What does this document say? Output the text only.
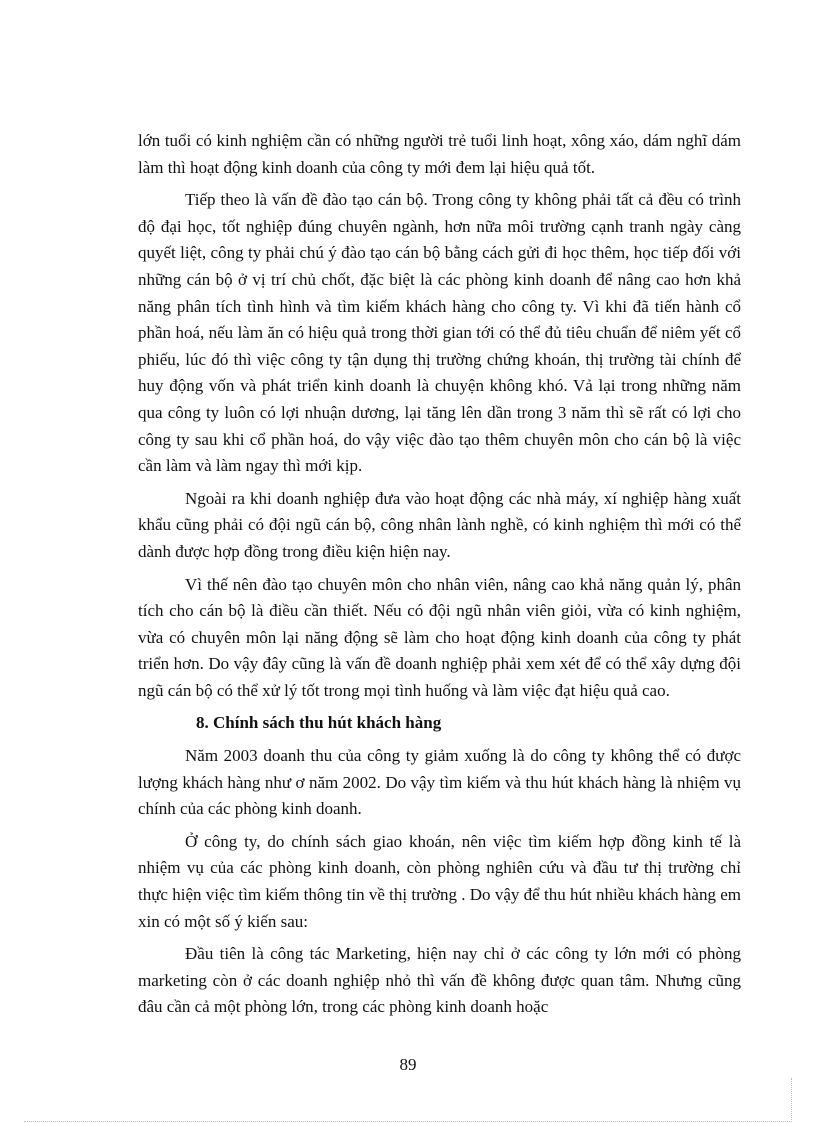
lớn tuổi có kinh nghiệm cần có những người trẻ tuổi linh hoạt, xông xáo, dám nghĩ dám làm thì hoạt động kinh doanh của công ty mới đem lại hiệu quả tốt.

Tiếp theo là vấn đề đào tạo cán bộ. Trong công ty không phải tất cả đều có trình độ đại học, tốt nghiệp đúng chuyên ngành, hơn nữa môi trường cạnh tranh ngày càng quyết liệt, công ty phải chú ý đào tạo cán bộ bằng cách gửi đi học thêm, học tiếp đối với những cán bộ ở vị trí chủ chốt, đặc biệt là các phòng kinh doanh để nâng cao hơn khả năng phân tích tình hình và tìm kiếm khách hàng cho công ty. Vì khi đã tiến hành cổ phần hoá, nếu làm ăn có hiệu quả trong thời gian tới có thể đủ tiêu chuẩn để niêm yết cổ phiếu, lúc đó thì việc công ty tận dụng thị trường chứng khoán, thị trường tài chính để huy động vốn và phát triển kinh doanh là chuyện không khó. Vả lại trong những năm qua công ty luôn có lợi nhuận dương, lại tăng lên dần trong 3 năm thì sẽ rất có lợi cho công ty sau khi cổ phần hoá, do vậy việc đào tạo thêm chuyên môn cho cán bộ là việc cần làm và làm ngay thì mới kịp.

Ngoài ra khi doanh nghiệp đưa vào hoạt động các nhà máy, xí nghiệp hàng xuất khẩu cũng phải có đội ngũ cán bộ, công nhân lành nghề, có kinh nghiệm thì mới có thể dành được hợp đồng trong điều kiện hiện nay.

Vì thế nên đào tạo chuyên môn cho nhân viên, nâng cao khả năng quản lý, phân tích cho cán bộ là điều cần thiết. Nếu có đội ngũ nhân viên giỏi, vừa có kinh nghiệm, vừa có chuyên môn lại năng động sẽ làm cho hoạt động kinh doanh của công ty phát triển hơn. Do vậy đây cũng là vấn đề doanh nghiệp phải xem xét để có thể xây dựng đội ngũ cán bộ có thể xử lý tốt trong mọi tình huống và làm việc đạt hiệu quả cao.

8. Chính sách thu hút khách hàng

Năm 2003 doanh thu của công ty giảm xuống là do công ty không thể có được lượng khách hàng như ơ năm 2002. Do vậy tìm kiếm và thu hút khách hàng là nhiệm vụ chính của các phòng kinh doanh.

Ở công ty, do chính sách giao khoán, nên việc tìm kiếm hợp đồng kinh tế là nhiệm vụ của các phòng kinh doanh, còn phòng nghiên cứu và đầu tư thị trường chỉ thực hiện việc tìm kiếm thông tin về thị trường . Do vậy để thu hút nhiều khách hàng em xin có một số ý kiến sau:

Đầu tiên là công tác Marketing, hiện nay chỉ ở các công ty lớn mới có phòng marketing còn ở các doanh nghiệp nhỏ thì vấn đề không được quan tâm. Nhưng cũng đâu cần cả một phòng lớn, trong các phòng kinh doanh hoặc

89
